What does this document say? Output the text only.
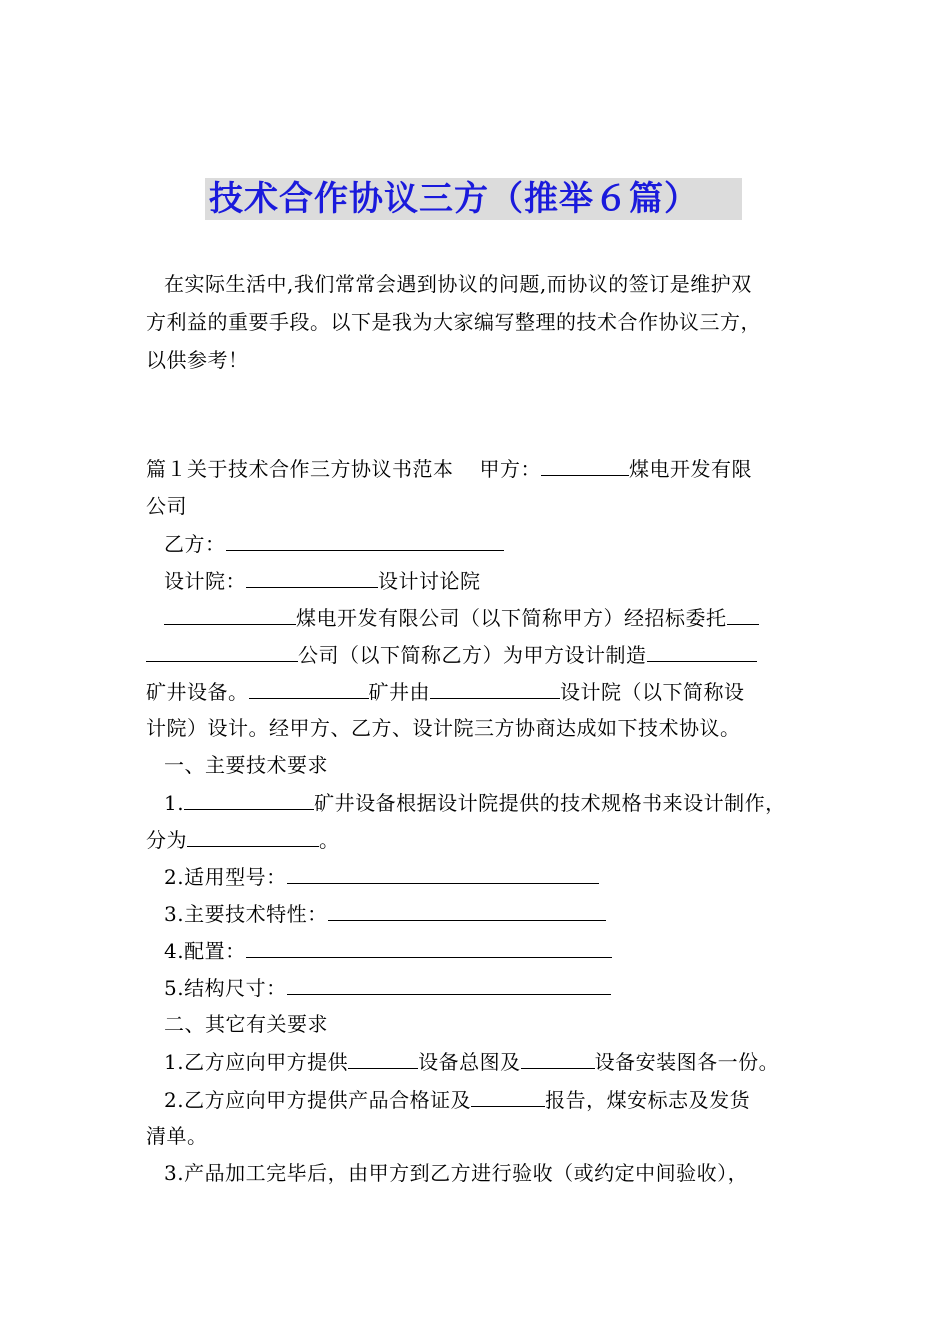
技术合作协议三方（推举６篇）
在实际生活中,我们常常会遇到协议的问题,而协议的签订是维护双
方利益的重要手段。以下是我为大家编写整理的技术合作协议三方，
以供参考！
篇１关于技术合作三方协议书范本 甲方：	煤电开发有限
公司
乙方：
设计院：	设计讨论院
煤电开发有限公司（以下简称甲方）经招标委托
公司（以下简称乙方）为甲方设计制造
矿井设备。	矿井由	设计院（以下简称设
计院）设计。经甲方、乙方、设计院三方协商达成如下技术协议。
一、主要技术要求
1.	矿井设备根据设计院提供的技术规格书来设计制作，
分为	。
2.适用型号：
3.主要技术特性：
4.配置：
5.结构尺寸：
二、其它有关要求
1.乙方应向甲方提供	设备总图及	设备安装图各一份。
2.乙方应向甲方提供产品合格证及	报告，煤安标志及发货
清单。
3.产品加工完毕后，由甲方到乙方进行验收（或约定中间验收），
